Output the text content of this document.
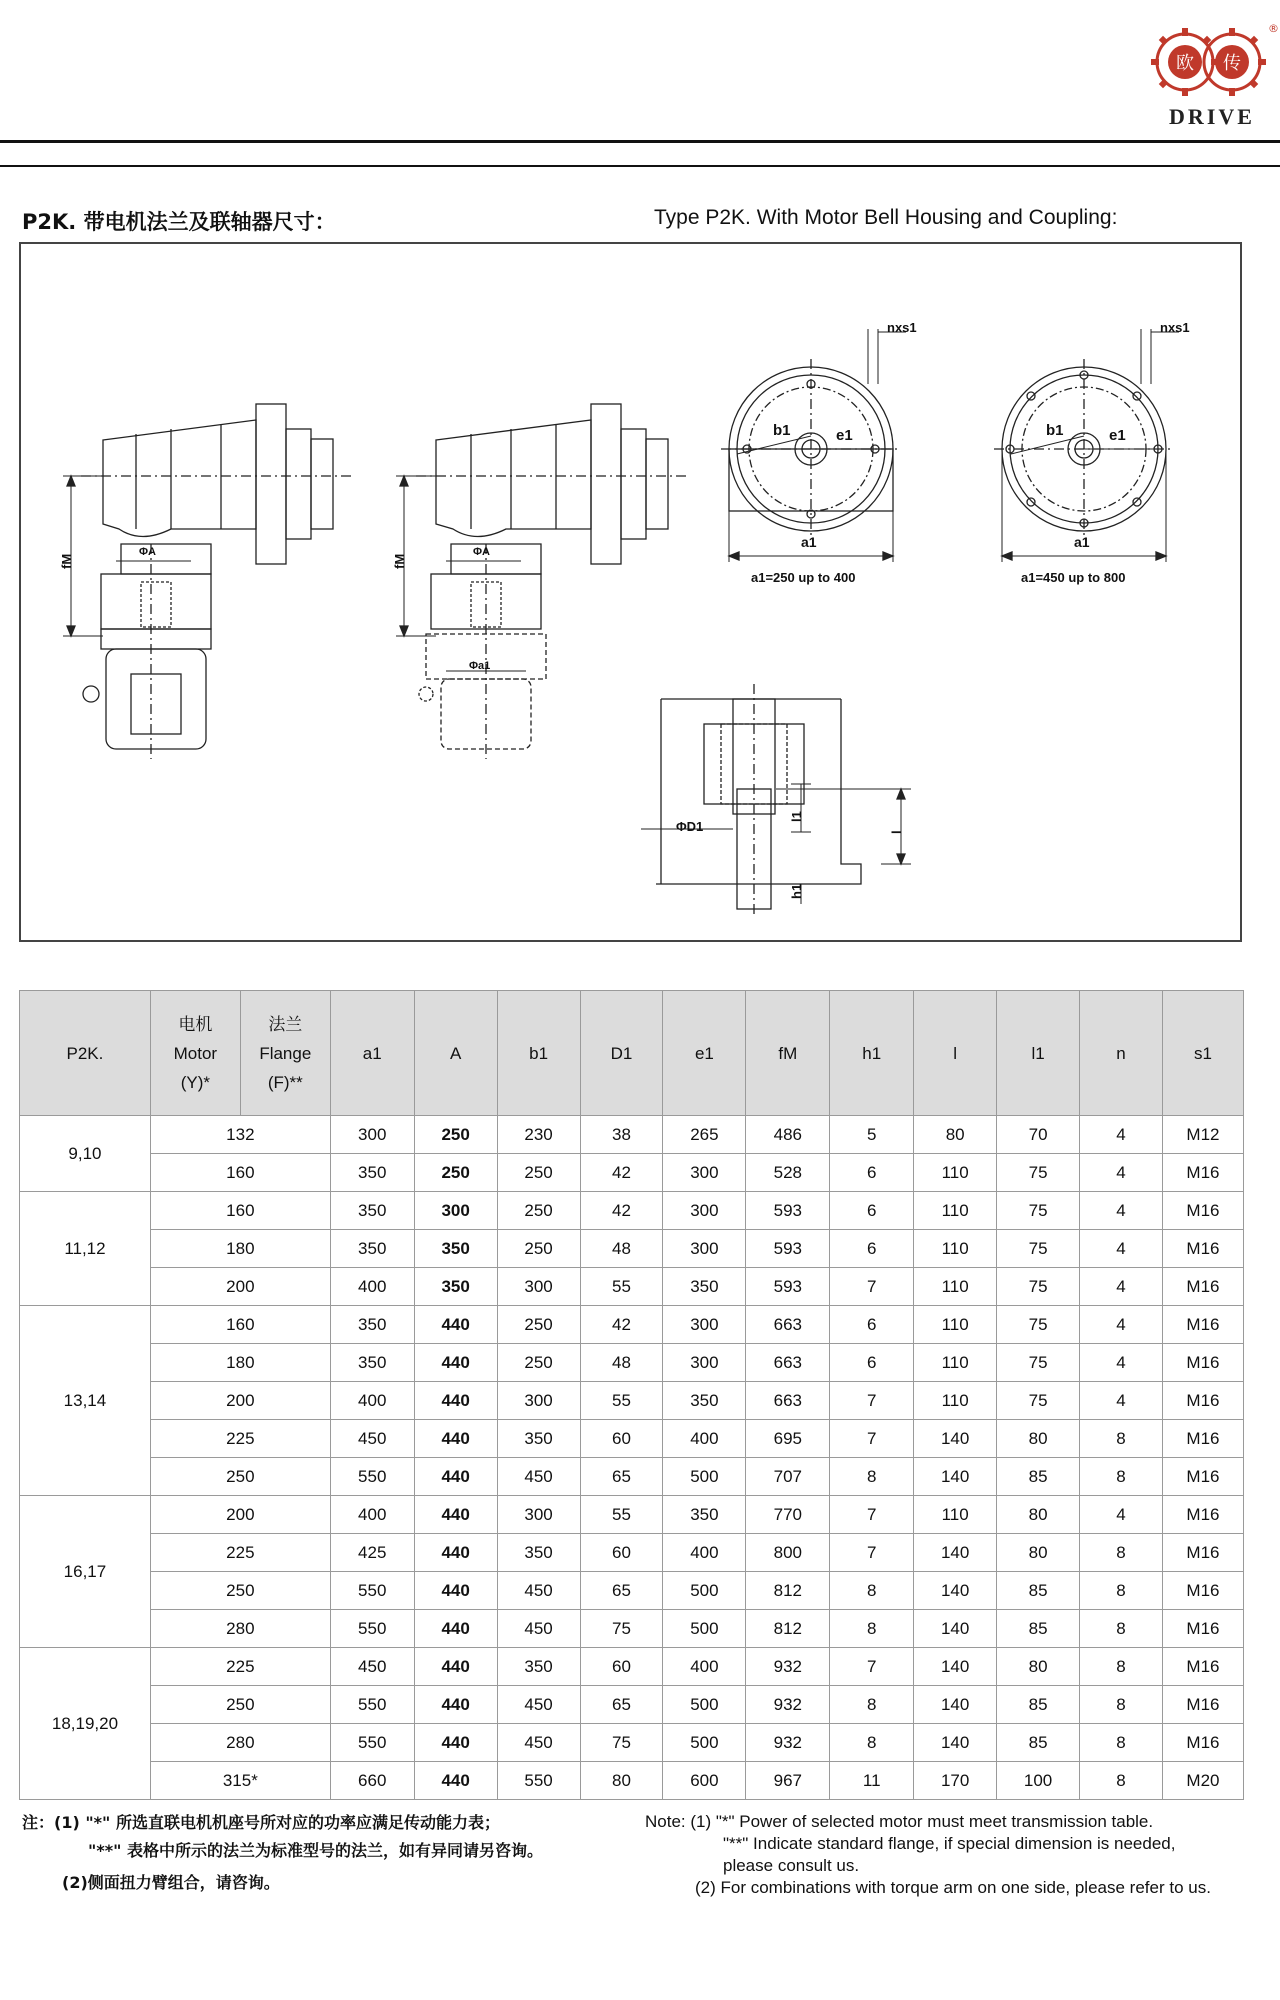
欧 传
®
DRIVE
P2K. 带电机法兰及联轴器尺寸：	Type P2K. With Motor Bell Housing and Coupling:
fM
ΦA
fM
ΦA
Φa1
nxs1
b1	e1
a1
a1=250 up to 400
nxs1
b1	e1
a1
a1=450 up to 800
ΦD1
l1
l
h1
P2K.	电机
Motor
(Y)*	法兰
Flange
(F)**	a1	A	b1	D1	e1	fM	h1	l	l1	n	s1
9,10	132		300	250	230	38	265	486	5	80	70	4	M12
	160		350	250	250	42	300	528	6	110	75	4	M16
11,12	160		350	300	250	42	300	593	6	110	75	4	M16
	180		350	350	250	48	300	593	6	110	75	4	M16
	200		400	350	300	55	350	593	7	110	75	4	M16
13,14	160		350	440	250	42	300	663	6	110	75	4	M16
	180		350	440	250	48	300	663	6	110	75	4	M16
	200		400	440	300	55	350	663	7	110	75	4	M16
	225		450	440	350	60	400	695	7	140	80	8	M16
	250		550	440	450	65	500	707	8	140	85	8	M16
16,17	200		400	440	300	55	350	770	7	110	80	4	M16
	225		425	440	350	60	400	800	7	140	80	8	M16
	250		550	440	450	65	500	812	8	140	85	8	M16
	280		550	440	450	75	500	812	8	140	85	8	M16
18,19,20	225		450	440	350	60	400	932	7	140	80	8	M16
	250		550	440	450	65	500	932	8	140	85	8	M16
	280		550	440	450	75	500	932	8	140	85	8	M16
	315*		660	440	550	80	600	967	11	170	100	8	M20
注：(1) "*" 所选直联电机机座号所对应的功率应满足传动能力表；
"**" 表格中所示的法兰为标准型号的法兰，如有异同请另咨询。
(2)侧面扭力臂组合，请咨询。
Note: (1) "*" Power of selected motor must meet transmission table.
"**" Indicate standard flange, if special dimension is needed,
please consult us.
(2) For combinations with torque arm on one side, please refer to us.
